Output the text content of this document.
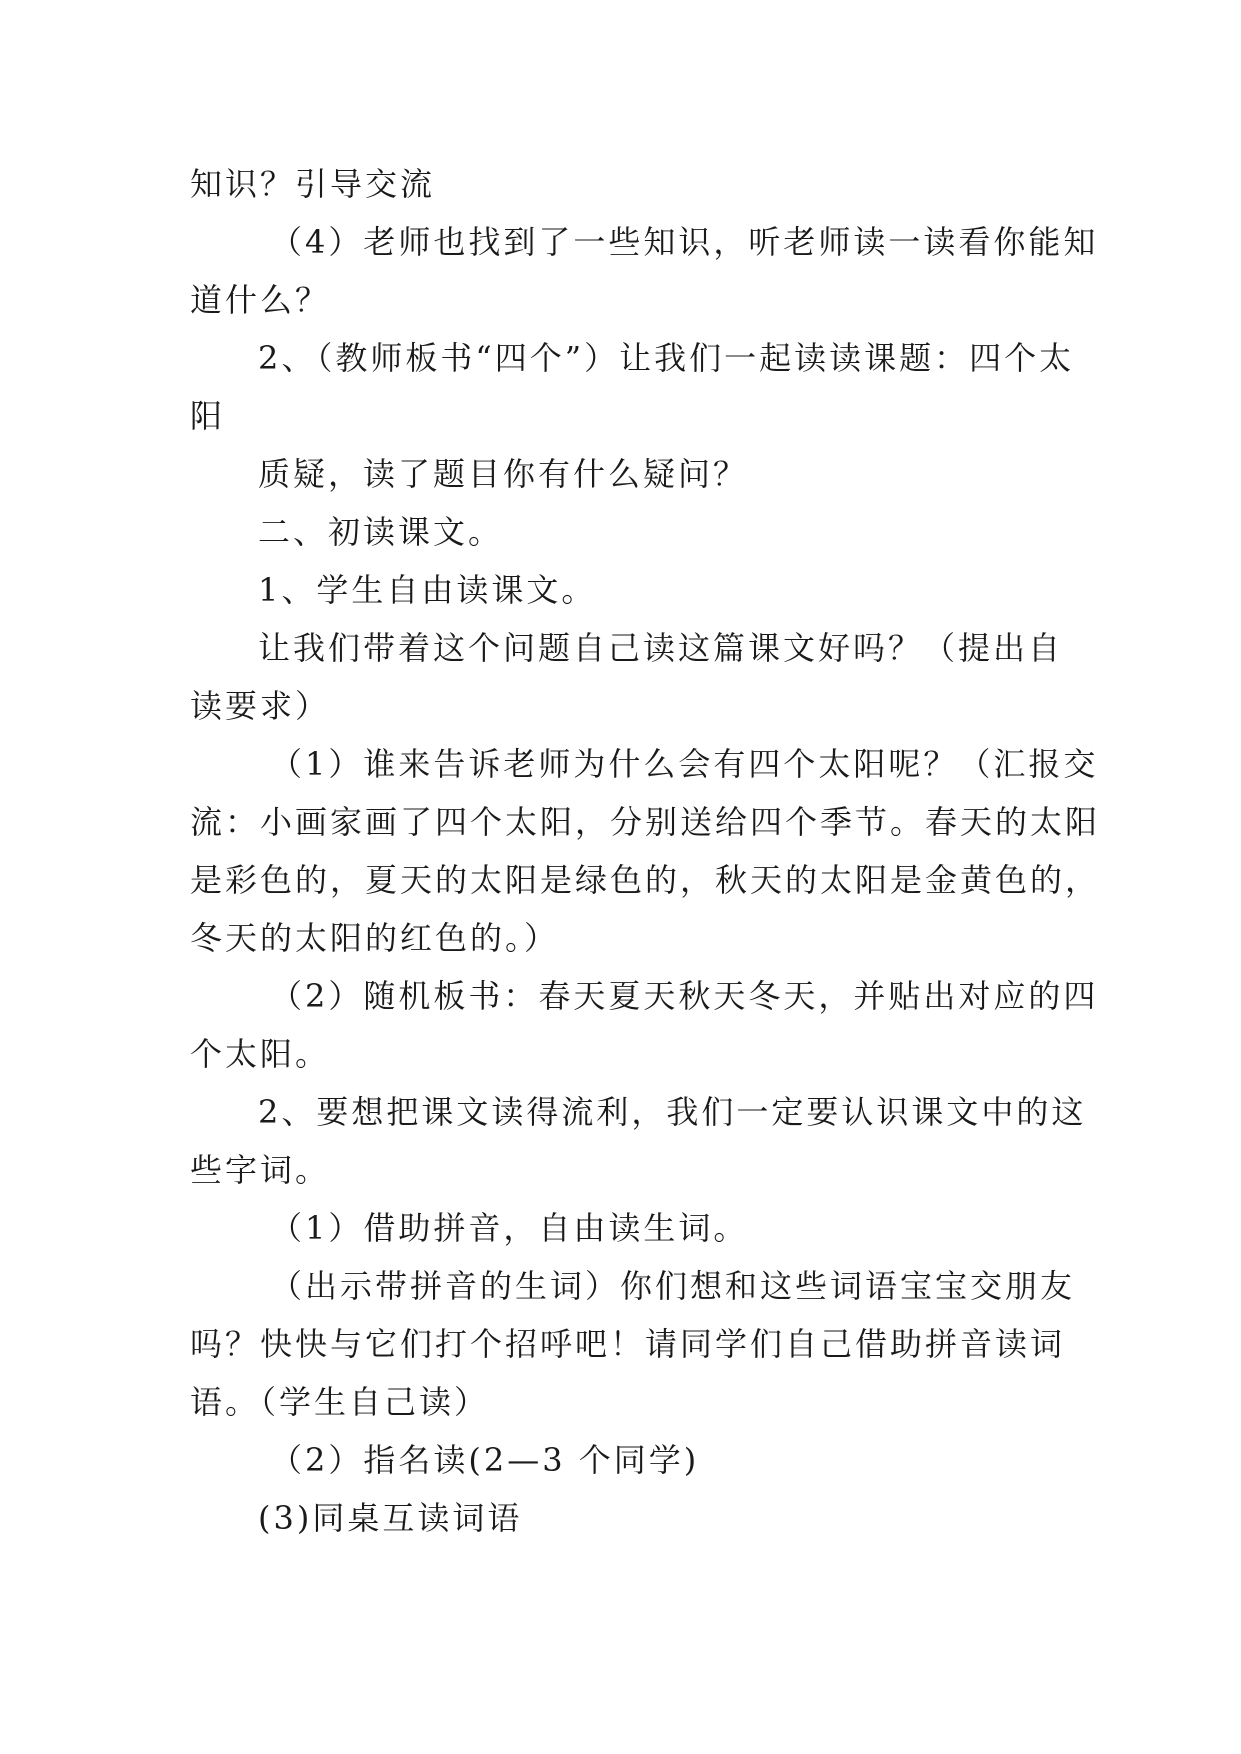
知识？引导交流
（4）老师也找到了一些知识，听老师读一读看你能知
道什么？
2、（教师板书“四个”）让我们一起读读课题：四个太
阳
质疑，读了题目你有什么疑问？
二、初读课文。
1、学生自由读课文。
让我们带着这个问题自己读这篇课文好吗？（提出自
读要求）
（1）谁来告诉老师为什么会有四个太阳呢？（汇报交
流：小画家画了四个太阳，分别送给四个季节。春天的太阳
是彩色的，夏天的太阳是绿色的，秋天的太阳是金黄色的，
冬天的太阳的红色的。）
（2）随机板书：春天夏天秋天冬天，并贴出对应的四
个太阳。
2、要想把课文读得流利，我们一定要认识课文中的这
些字词。
（1）借助拼音，自由读生词。
（出示带拼音的生词）你们想和这些词语宝宝交朋友
吗？快快与它们打个招呼吧！请同学们自己借助拼音读词
语。（学生自己读）
（2）指名读(2—3 个同学)
(3)同桌互读词语
